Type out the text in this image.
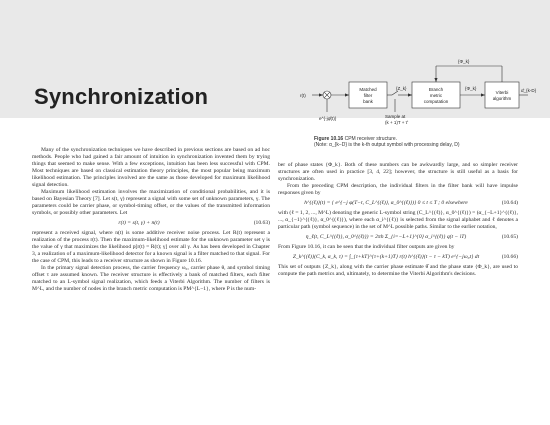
Synchronization	r(t)
e^{-jφ̂(t)}
Matched
filter
bank
{Z_k}	Branch
metric
computation
{Φ_k}
Viterbi
algorithm
α̂_{k-D}
{Φ_k}
Sample at
(k + 1)T + τ̂
Figure 10.16 CPM receiver structure.
(Note: α_{k−D} is the k-th output symbol with processing delay, D)

Many of the synchronization techniques we have described in previous sections are based on ad hoc methods. People who had gained a fair amount of intuition in synchronization invented them by trying things that seemed to make sense. With a few exceptions, intuition has been less successful with CPM. Most techniques are based on classical estimation theory principles, the most popular being maximum likelihood estimation. The principles involved are the same as those developed for maximum likelihood signal detection.

Maximum likelihood estimation involves the maximization of conditional probabilities, and it is based on Bayesian Theory [7]. Let s(t, γ) represent a signal with some set of unknown parameters, γ. The parameters could be carrier phase, or symbol-timing offset, or the values of the transmitted information symbols, or possibly other parameters. Let

r(t) = s(t, γ) + n(t)	(10.63)

represent a received signal, where n(t) is some additive receiver noise process. Let R(t) represent a realization of the process r(t). Then the maximum-likelihood estimate for the unknown parameter set γ is the value of γ that maximizes the likelihood p[r(t) = R(t); γ] over all γ. As has been developed in Chapter 3, a realization of a maximum-likelihood detector for a known signal is a filter matched to that signal. For the case of CPM, this leads to a receiver structure as shown in Figure 10.16.

In the primary signal detection process, the carrier frequency ω₀, carrier phase θ, and symbol timing offset τ are assumed known. The receiver structure is effectively a bank of matched filters, each filter matched to an L-symbol signal realization, which feeds a Viterbi Algorithm. The number of filters is M^L, and the number of nodes in the branch metric computation is PM^{L−1}, where P is the num-

ber of phase states {Φ_k}. Both of these numbers can be awkwardly large, and so simpler receiver structures are often used in practice [3, 4, 22]; however, the structure is still useful as a basis for synchronization.

From the preceding CPM description, the individual filters in the filter bank will have impulse responses given by

h^{(ℓ)}(t) = { e^{−j φ(T−t, C_L^{(ℓ)}, α_0^{(ℓ)})} 0 ≤ t ≤ T ; 0 elsewhere	(10.64)

with (ℓ = 1, 2, ..., M^L) denoting the generic L-symbol string (C_L^{(ℓ)}, α_0^{(ℓ)}) = (α_{−L+1}^{(ℓ)}, ..., α_{−1}^{(ℓ)}, α_0^{(ℓ)}), where each α_i^{(ℓ)} is selected from the signal alphabet and ℓ denotes a particular path (symbol sequence) in the set of M^L possible paths. Similar to the earlier notation,

η_ℓ(t, C_L^{(ℓ)}, α_0^{(ℓ)}) = 2πh Σ_{i=−L+1}^{0} α_i^{(ℓ)} q(t − iT)	(10.65)

From Figure 10.16, it can be seen that the individual filter outputs are given by

Z_k^{(ℓ)}(C_k, α_k, τ) = ∫_{τ+kT}^{τ+(k+1)T} r(t) h^{(ℓ)}(t − τ − kT) e^{−jω₀t} dt	(10.66)

This set of outputs {Z_k}, along with the carrier phase estimate θ̂ and the phase state {Φ_k}, are used to compute the path metrics and, ultimately, to determine the Viterbi Algorithm's decisions.
